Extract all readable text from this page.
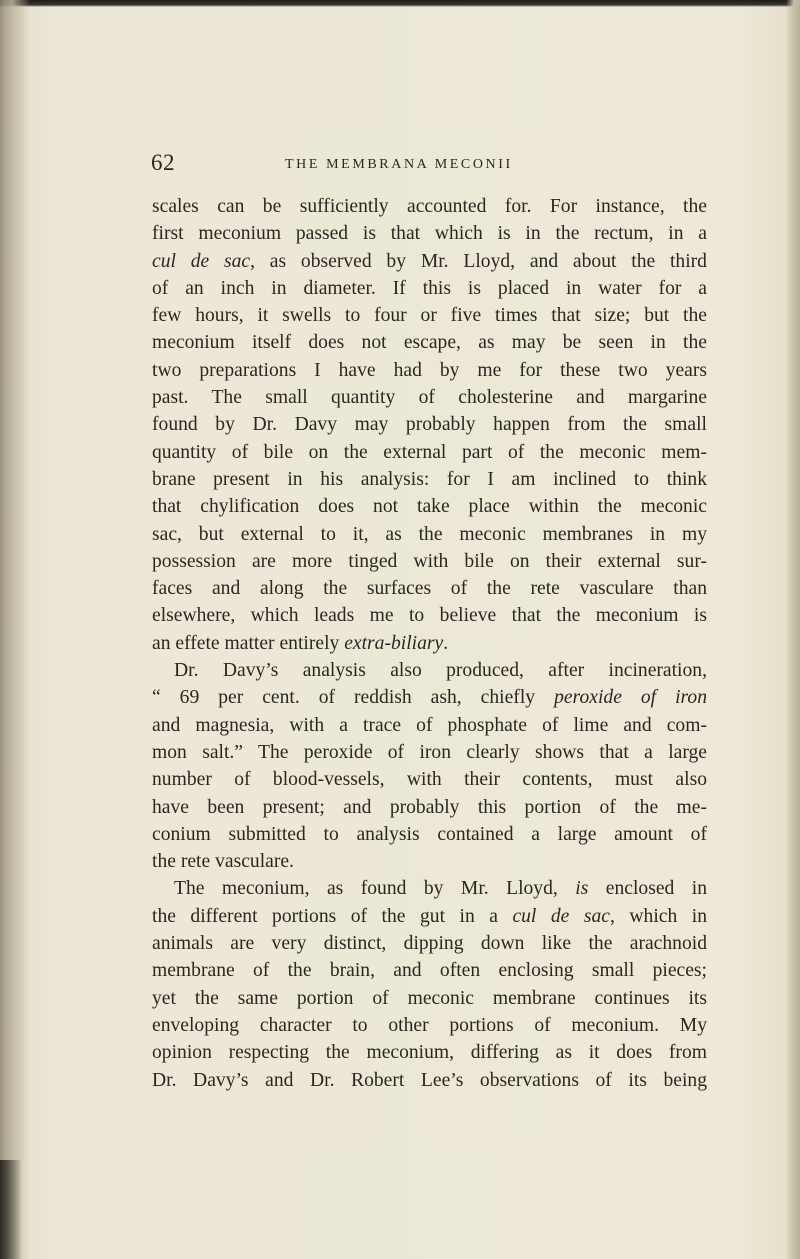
62	THE MEMBRANA MECONII
scales can be sufficiently accounted for. For instance, the
first meconium passed is that which is in the rectum, in a
cul de sac, as observed by Mr. Lloyd, and about the third
of an inch in diameter. If this is placed in water for a
few hours, it swells to four or five times that size; but the
meconium itself does not escape, as may be seen in the
two preparations I have had by me for these two years
past. The small quantity of cholesterine and margarine
found by Dr. Davy may probably happen from the small
quantity of bile on the external part of the meconic mem-
brane present in his analysis: for I am inclined to think
that chylification does not take place within the meconic
sac, but external to it, as the meconic membranes in my
possession are more tinged with bile on their external sur-
faces and along the surfaces of the rete vasculare than
elsewhere, which leads me to believe that the meconium is
an effete matter entirely extra-biliary.
Dr. Davy’s analysis also produced, after incineration,
“ 69 per cent. of reddish ash, chiefly peroxide of iron
and magnesia, with a trace of phosphate of lime and com-
mon salt.” The peroxide of iron clearly shows that a large
number of blood-vessels, with their contents, must also
have been present; and probably this portion of the me-
conium submitted to analysis contained a large amount of
the rete vasculare.
The meconium, as found by Mr. Lloyd, is enclosed in
the different portions of the gut in a cul de sac, which in
animals are very distinct, dipping down like the arachnoid
membrane of the brain, and often enclosing small pieces;
yet the same portion of meconic membrane continues its
enveloping character to other portions of meconium. My
opinion respecting the meconium, differing as it does from
Dr. Davy’s and Dr. Robert Lee’s observations of its being
